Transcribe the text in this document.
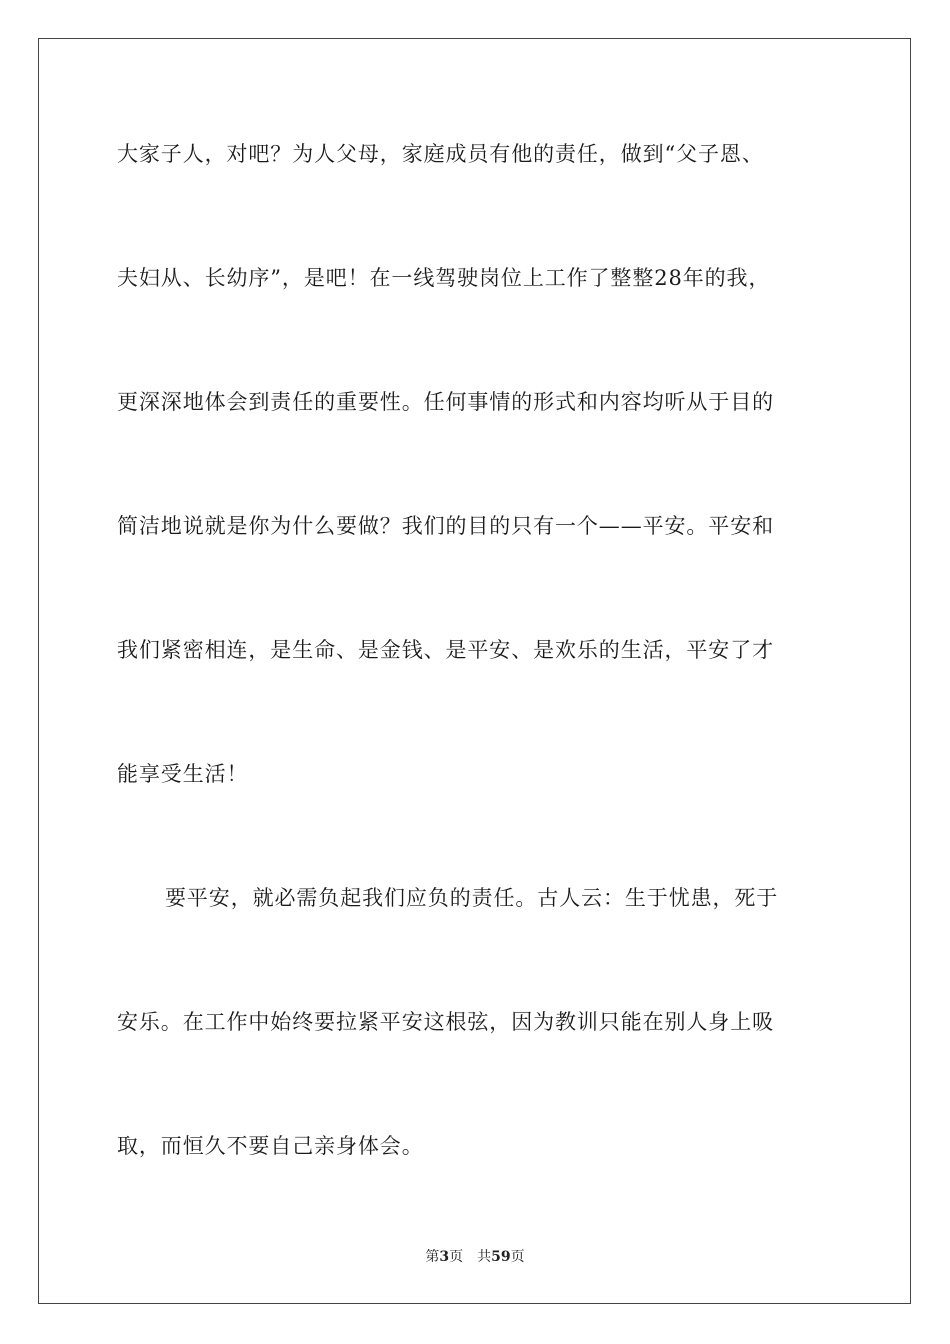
大家子人，对吧？为人父母，家庭成员有他的责任，做到“父子恩、
夫妇从、长幼序”，是吧！在一线驾驶岗位上工作了整整28年的我，
更深深地体会到责任的重要性。任何事情的形式和内容均听从于目的
简洁地说就是你为什么要做？我们的目的只有一个——平安。平安和
我们紧密相连，是生命、是金钱、是平安、是欢乐的生活，平安了才
能享受生活！
要平安，就必需负起我们应负的责任。古人云：生于忧患，死于
安乐。在工作中始终要拉紧平安这根弦，因为教训只能在别人身上吸
取，而恒久不要自己亲身体会。
第3页 共59页
